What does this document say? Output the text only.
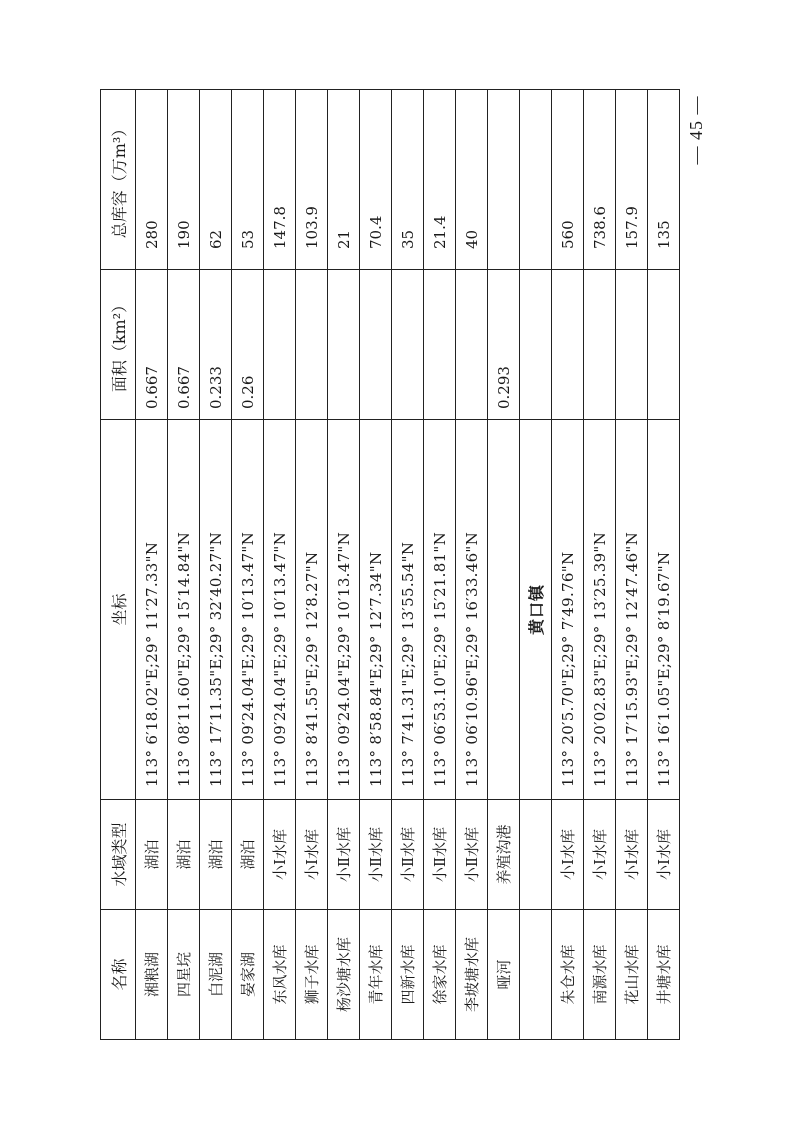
名称	水域类型	坐标	面积（km²）	总库容（万m³）
湘粮湖	湖泊	113° 6′18.02"E;29° 11′27.33"N	0.667	280
四星垸	湖泊	113° 08′11.60"E;29° 15′14.84"N	0.667	190
白泥湖	湖泊	113° 17′11.35"E;29° 32′40.27"N	0.233	62
晏家湖	湖泊	113° 09′24.04"E;29° 10′13.47"N	0.26	53
东风水库	小Ⅰ水库	113° 09′24.04"E;29° 10′13.47"N		147.8
狮子水库	小Ⅰ水库	113° 8′41.55"E;29° 12′8.27"N		103.9
杨沙塘水库	小Ⅱ水库	113° 09′24.04"E;29° 10′13.47"N		21
青年水库	小Ⅱ水库	113° 8′58.84"E;29° 12′7.34"N		70.4
四新水库	小Ⅱ水库	113° 7′41.31"E;29° 13′55.54"N		35
徐家水库	小Ⅱ水库	113° 06′53.10"E;29° 15′21.81"N		21.4
李坡塘水库	小Ⅱ水库	113° 06′10.96"E;29° 16′33.46"N		40
哑河	养殖沟港		0.293	
		黄口镇		
朱仓水库	小Ⅰ水库	113° 20′5.70"E;29° 7′49.76"N		560
南源水库	小Ⅰ水库	113° 20′02.83"E;29° 13′25.39"N		738.6
花山水库	小Ⅰ水库	113° 17′15.93"E;29° 12′47.46"N		157.9
井塘水库	小Ⅰ水库	113° 16′1.05"E;29° 8′19.67"N		135
— 45 —
